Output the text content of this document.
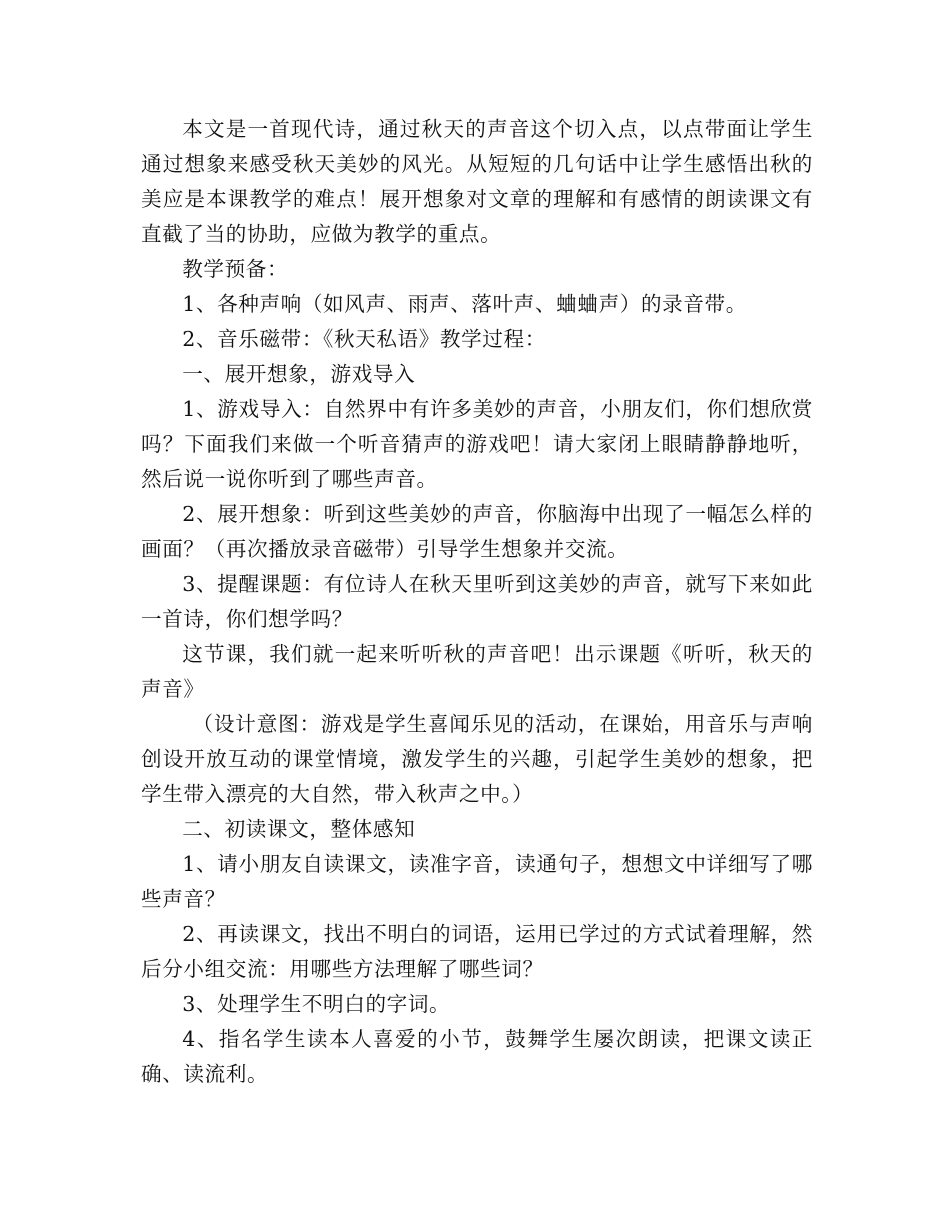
本文是一首现代诗，通过秋天的声音这个切入点，以点带面让学生通过想象来感受秋天美妙的风光。从短短的几句话中让学生感悟出秋的美应是本课教学的难点！展开想象对文章的理解和有感情的朗读课文有直截了当的协助，应做为教学的重点。

教学预备：

1、各种声响（如风声、雨声、落叶声、蛐蛐声）的录音带。

2、音乐磁带：《秋天私语》教学过程：

一、展开想象，游戏导入

1、游戏导入：自然界中有许多美妙的声音，小朋友们，你们想欣赏吗？下面我们来做一个听音猜声的游戏吧！请大家闭上眼睛静静地听，然后说一说你听到了哪些声音。

2、展开想象：听到这些美妙的声音，你脑海中出现了一幅怎么样的画面？（再次播放录音磁带）引导学生想象并交流。

3、提醒课题：有位诗人在秋天里听到这美妙的声音，就写下来如此一首诗，你们想学吗？

这节课，我们就一起来听听秋的声音吧！出示课题《听听，秋天的声音》

（设计意图：游戏是学生喜闻乐见的活动，在课始，用音乐与声响创设开放互动的课堂情境，激发学生的兴趣，引起学生美妙的想象，把学生带入漂亮的大自然，带入秋声之中。）

二、初读课文，整体感知

1、请小朋友自读课文，读准字音，读通句子，想想文中详细写了哪些声音？

2、再读课文，找出不明白的词语，运用已学过的方式试着理解，然后分小组交流：用哪些方法理解了哪些词？

3、处理学生不明白的字词。

4、指名学生读本人喜爱的小节，鼓舞学生屡次朗读，把课文读正确、读流利。
